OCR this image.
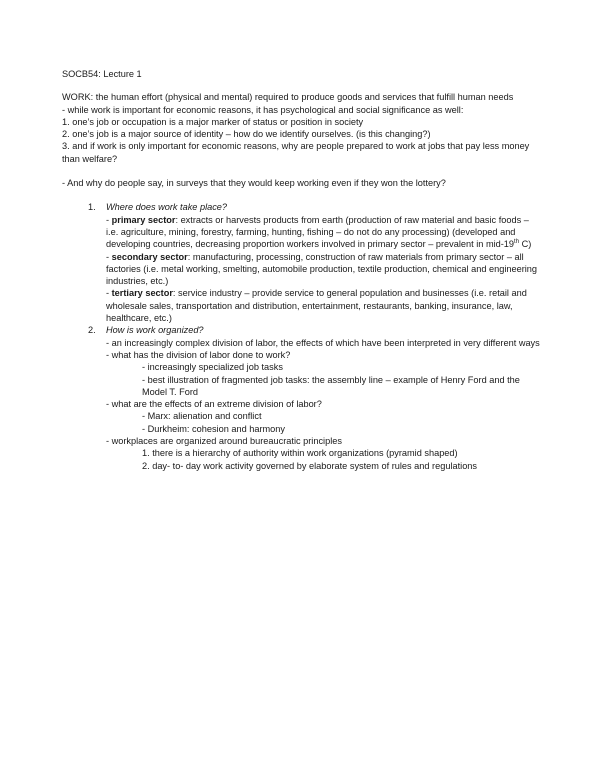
SOCB54: Lecture 1

WORK: the human effort (physical and mental) required to produce goods and services that fulfill human needs

- while work is important for economic reasons, it has psychological and social significance as well:

1. one’s job or occupation is a major marker of status or position in society

2. one’s job is a major source of identity – how do we identify ourselves. (is this changing?)

3. and if work is only important for economic reasons, why are people prepared to work at jobs that pay less money than welfare?

- And why do people say, in surveys that they would keep working even if they won the lottery?

1. Where does work take place?

- primary sector: extracts or harvests products from earth (production of raw material and basic foods – i.e. agriculture, mining, forestry, farming, hunting, fishing – do not do any processing) (developed and developing countries, decreasing proportion workers involved in primary sector – prevalent in mid-19th C)

- secondary sector: manufacturing, processing, construction of raw materials from primary sector – all factories (i.e. metal working, smelting, automobile production, textile production, chemical and engineering industries, etc.)

- tertiary sector: service industry – provide service to general population and businesses (i.e. retail and wholesale sales, transportation and distribution, entertainment, restaurants, banking, insurance, law, healthcare, etc.)

2. How is work organized?

- an increasingly complex division of labor, the effects of which have been interpreted in very different ways

- what has the division of labor done to work?

- increasingly specialized job tasks

- best illustration of fragmented job tasks: the assembly line – example of Henry Ford and the Model T. Ford

- what are the effects of an extreme division of labor?

- Marx: alienation and conflict

- Durkheim: cohesion and harmony

- workplaces are organized around bureaucratic principles

1. there is a hierarchy of authority within work organizations (pyramid shaped)

2. day- to- day work activity governed by elaborate system of rules and regulations
